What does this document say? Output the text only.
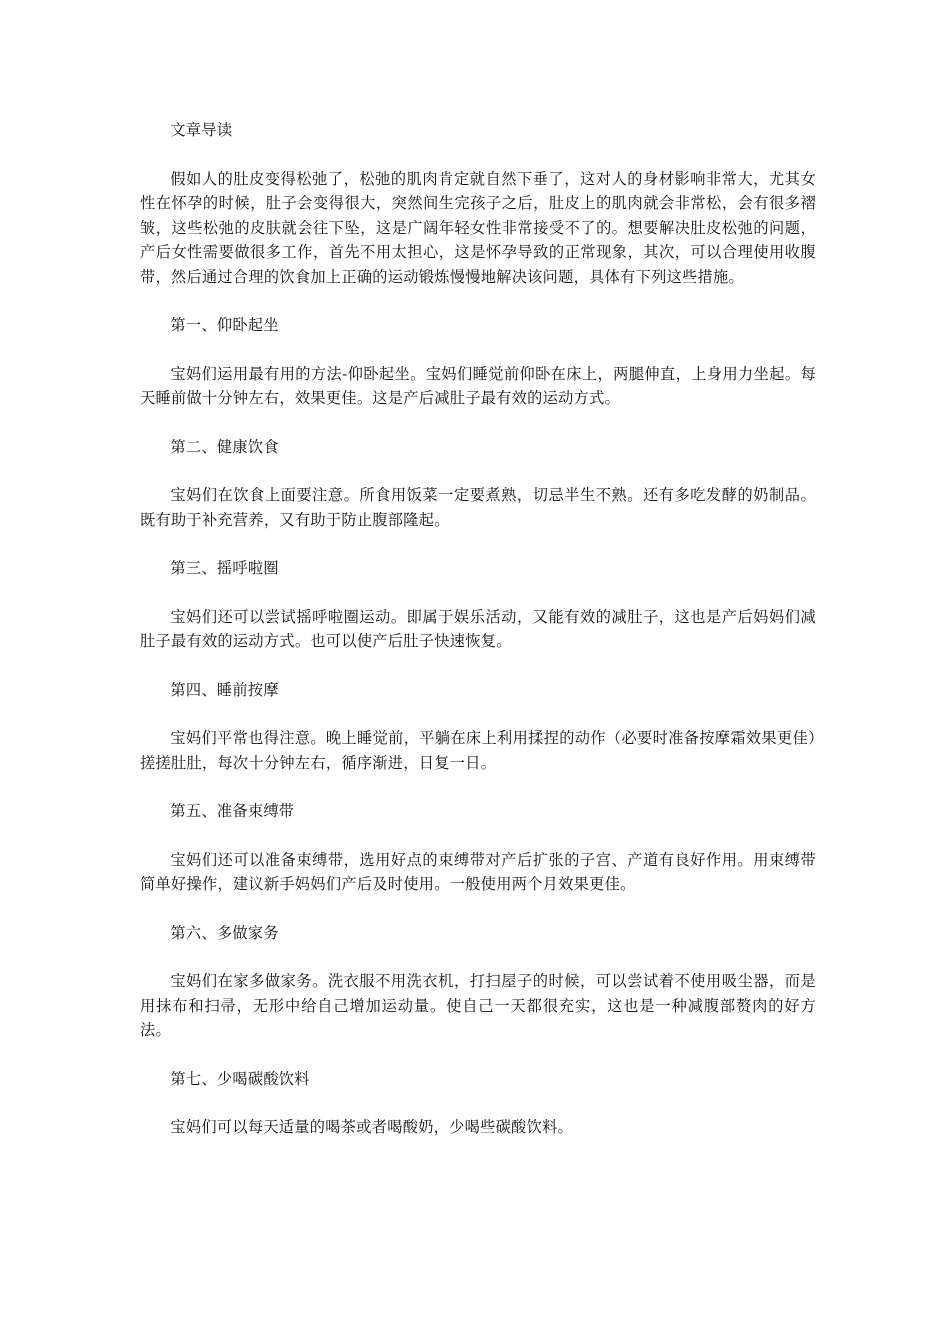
文章导读

假如人的肚皮变得松弛了，松弛的肌肉肯定就自然下垂了，这对人的身材影响非常大，尤其女性在怀孕的时候，肚子会变得很大，突然间生完孩子之后，肚皮上的肌肉就会非常松，会有很多褶皱，这些松弛的皮肤就会往下坠，这是广阔年轻女性非常接受不了的。想要解决肚皮松弛的问题，产后女性需要做很多工作，首先不用太担心，这是怀孕导致的正常现象，其次，可以合理使用收腹带，然后通过合理的饮食加上正确的运动锻炼慢慢地解决该问题，具体有下列这些措施。

第一、仰卧起坐

宝妈们运用最有用的方法-仰卧起坐。宝妈们睡觉前仰卧在床上，两腿伸直，上身用力坐起。每天睡前做十分钟左右，效果更佳。这是产后减肚子最有效的运动方式。

第二、健康饮食

宝妈们在饮食上面要注意。所食用饭菜一定要煮熟，切忌半生不熟。还有多吃发酵的奶制品。既有助于补充营养，又有助于防止腹部隆起。

第三、摇呼啦圈

宝妈们还可以尝试摇呼啦圈运动。即属于娱乐活动，又能有效的减肚子，这也是产后妈妈们减肚子最有效的运动方式。也可以使产后肚子快速恢复。

第四、睡前按摩

宝妈们平常也得注意。晚上睡觉前，平躺在床上利用揉捏的动作（必要时准备按摩霜效果更佳）搓搓肚肚，每次十分钟左右，循序渐进，日复一日。

第五、准备束缚带

宝妈们还可以准备束缚带，选用好点的束缚带对产后扩张的子宫、产道有良好作用。用束缚带简单好操作，建议新手妈妈们产后及时使用。一般使用两个月效果更佳。

第六、多做家务

宝妈们在家多做家务。洗衣服不用洗衣机，打扫屋子的时候，可以尝试着不使用吸尘器，而是用抹布和扫帚，无形中给自己增加运动量。使自己一天都很充实，这也是一种减腹部赘肉的好方法。

第七、少喝碳酸饮料

宝妈们可以每天适量的喝茶或者喝酸奶，少喝些碳酸饮料。
